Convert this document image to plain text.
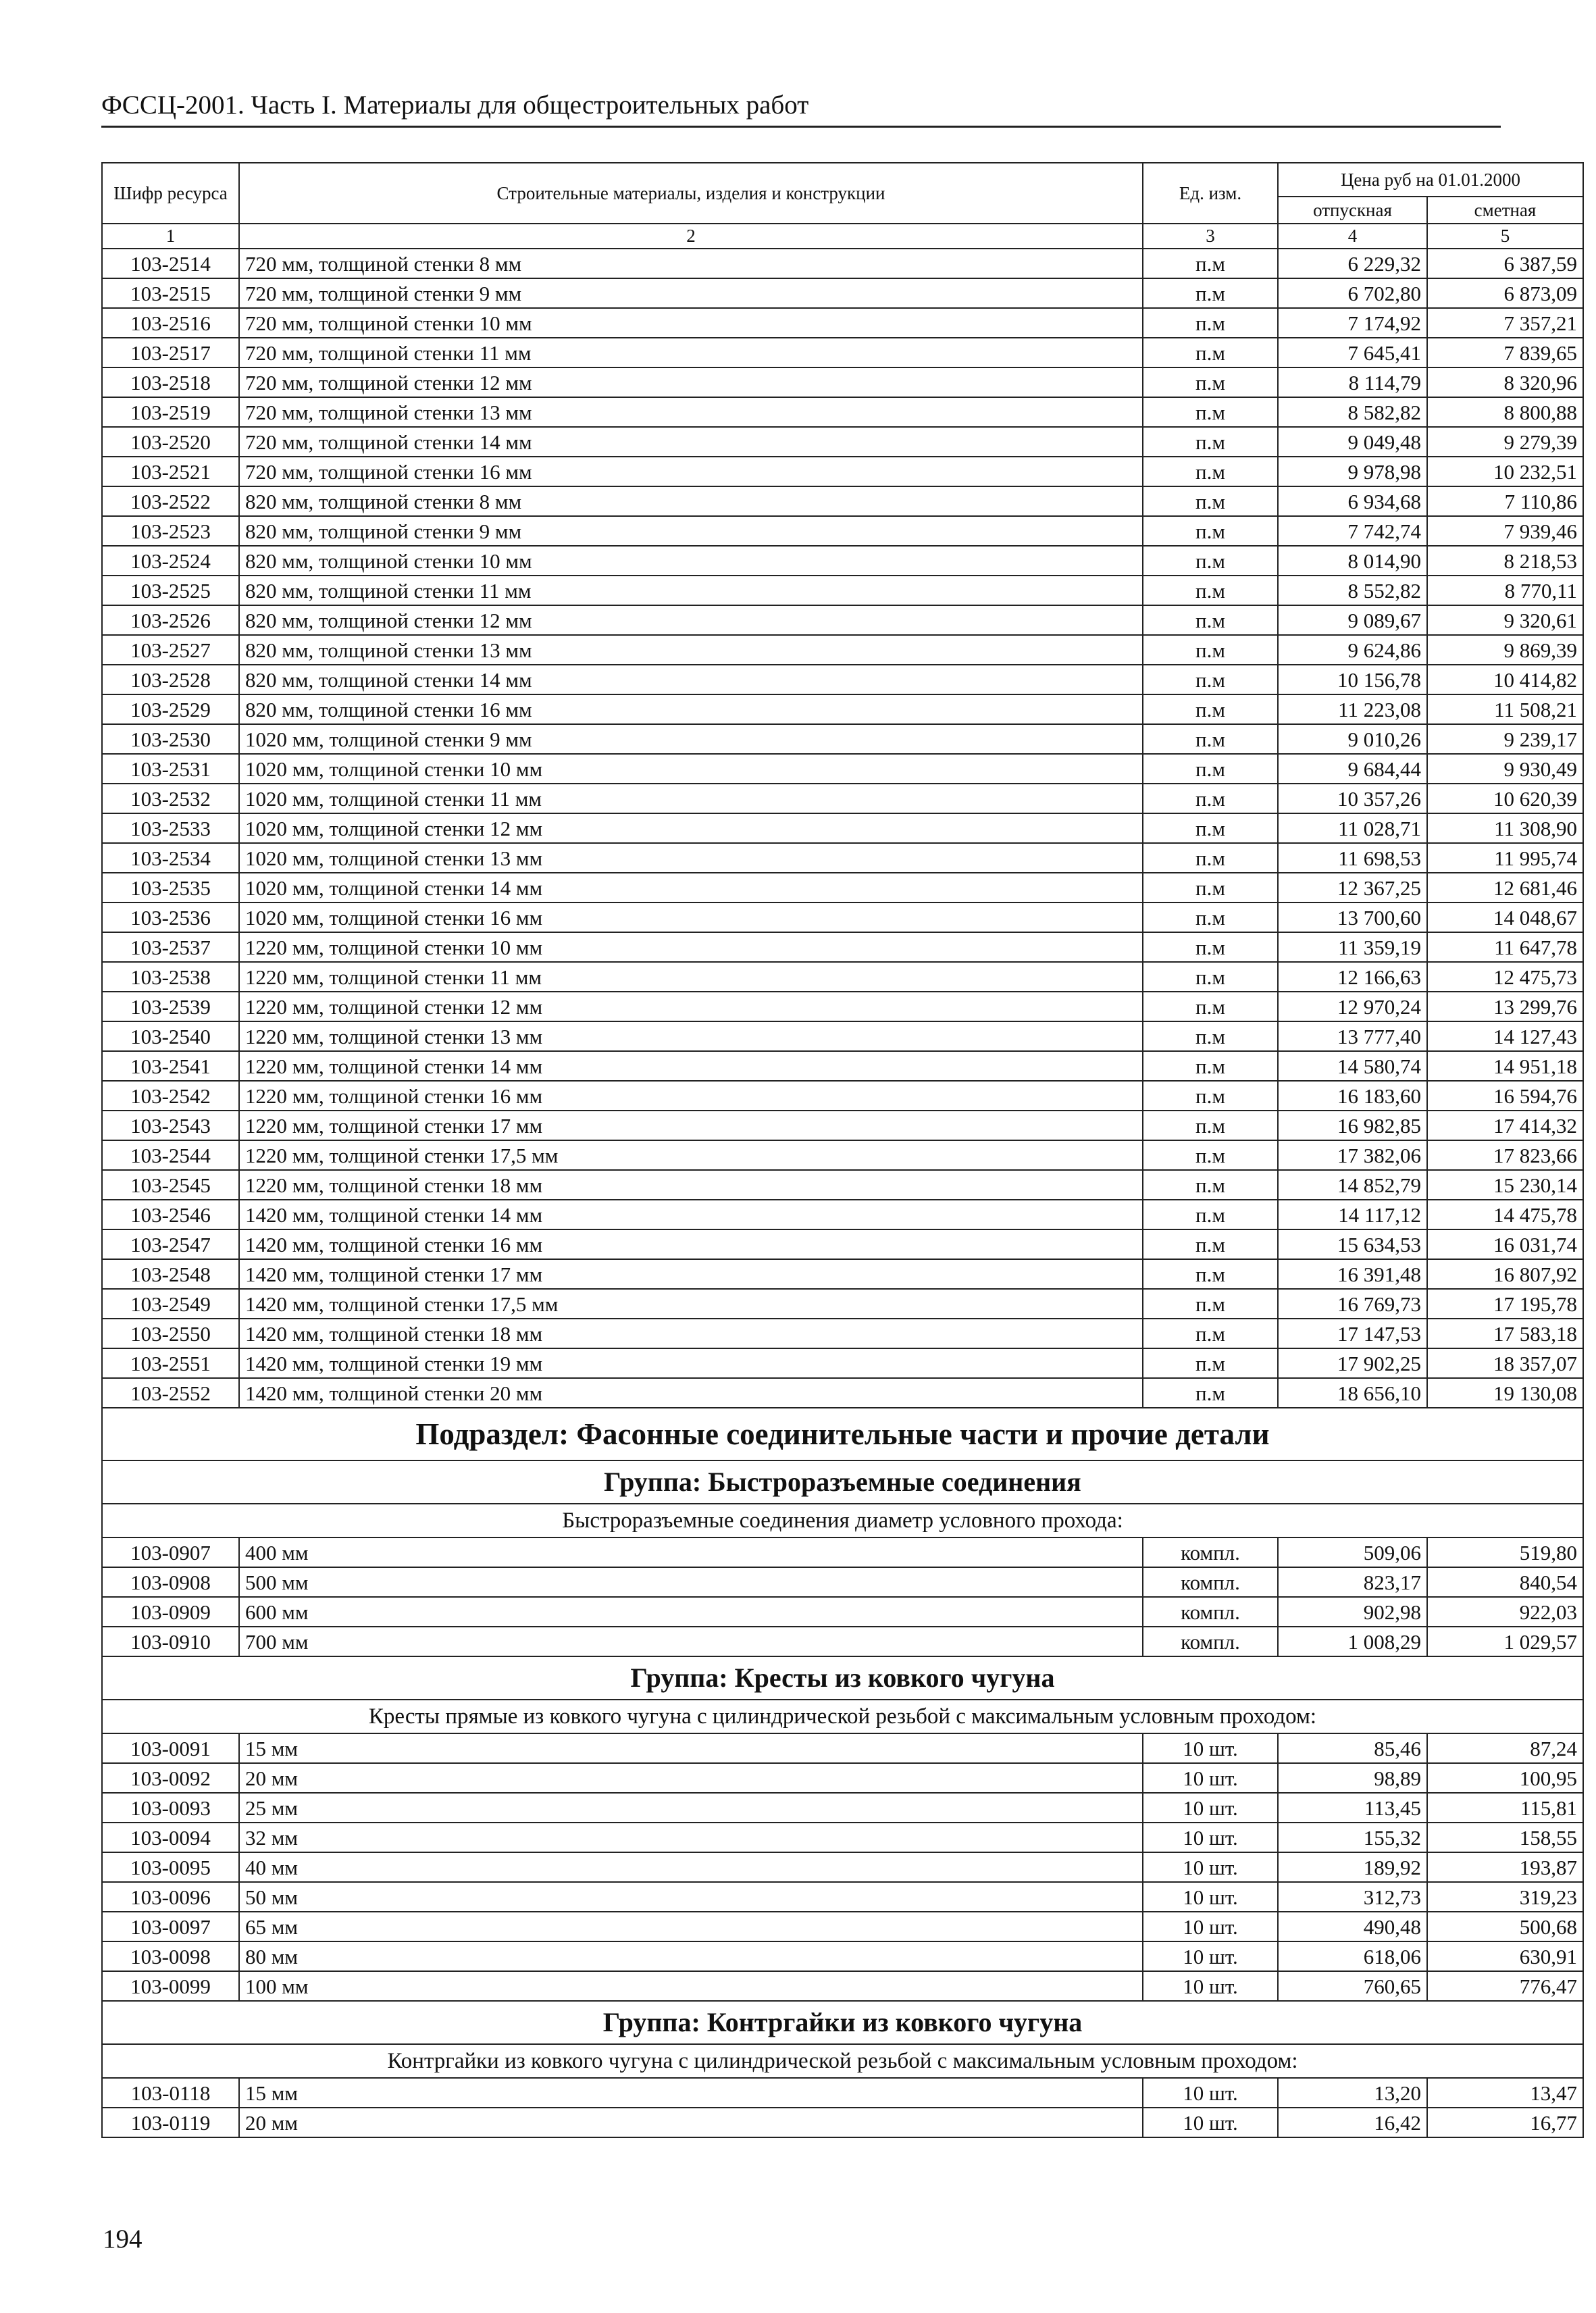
ФССЦ-2001. Часть I. Материалы для общестроительных работ
Шифр ресурса	Строительные материалы, изделия и конструкции	Ед. изм.	Цена руб на 01.01.2000	
			отпускная	сметная
1	2	3	4	5
103-2514	720 мм, толщиной стенки 8 мм	п.м	6 229,32	6 387,59
103-2515	720 мм, толщиной стенки 9 мм	п.м	6 702,80	6 873,09
103-2516	720 мм, толщиной стенки 10 мм	п.м	7 174,92	7 357,21
103-2517	720 мм, толщиной стенки 11 мм	п.м	7 645,41	7 839,65
103-2518	720 мм, толщиной стенки 12 мм	п.м	8 114,79	8 320,96
103-2519	720 мм, толщиной стенки 13 мм	п.м	8 582,82	8 800,88
103-2520	720 мм, толщиной стенки 14 мм	п.м	9 049,48	9 279,39
103-2521	720 мм, толщиной стенки 16 мм	п.м	9 978,98	10 232,51
103-2522	820 мм, толщиной стенки 8 мм	п.м	6 934,68	7 110,86
103-2523	820 мм, толщиной стенки 9 мм	п.м	7 742,74	7 939,46
103-2524	820 мм, толщиной стенки 10 мм	п.м	8 014,90	8 218,53
103-2525	820 мм, толщиной стенки 11 мм	п.м	8 552,82	8 770,11
103-2526	820 мм, толщиной стенки 12 мм	п.м	9 089,67	9 320,61
103-2527	820 мм, толщиной стенки 13 мм	п.м	9 624,86	9 869,39
103-2528	820 мм, толщиной стенки 14 мм	п.м	10 156,78	10 414,82
103-2529	820 мм, толщиной стенки 16 мм	п.м	11 223,08	11 508,21
103-2530	1020 мм, толщиной стенки 9 мм	п.м	9 010,26	9 239,17
103-2531	1020 мм, толщиной стенки 10 мм	п.м	9 684,44	9 930,49
103-2532	1020 мм, толщиной стенки 11 мм	п.м	10 357,26	10 620,39
103-2533	1020 мм, толщиной стенки 12 мм	п.м	11 028,71	11 308,90
103-2534	1020 мм, толщиной стенки 13 мм	п.м	11 698,53	11 995,74
103-2535	1020 мм, толщиной стенки 14 мм	п.м	12 367,25	12 681,46
103-2536	1020 мм, толщиной стенки 16 мм	п.м	13 700,60	14 048,67
103-2537	1220 мм, толщиной стенки 10 мм	п.м	11 359,19	11 647,78
103-2538	1220 мм, толщиной стенки 11 мм	п.м	12 166,63	12 475,73
103-2539	1220 мм, толщиной стенки 12 мм	п.м	12 970,24	13 299,76
103-2540	1220 мм, толщиной стенки 13 мм	п.м	13 777,40	14 127,43
103-2541	1220 мм, толщиной стенки 14 мм	п.м	14 580,74	14 951,18
103-2542	1220 мм, толщиной стенки 16 мм	п.м	16 183,60	16 594,76
103-2543	1220 мм, толщиной стенки 17 мм	п.м	16 982,85	17 414,32
103-2544	1220 мм, толщиной стенки 17,5 мм	п.м	17 382,06	17 823,66
103-2545	1220 мм, толщиной стенки 18 мм	п.м	14 852,79	15 230,14
103-2546	1420 мм, толщиной стенки 14 мм	п.м	14 117,12	14 475,78
103-2547	1420 мм, толщиной стенки 16 мм	п.м	15 634,53	16 031,74
103-2548	1420 мм, толщиной стенки 17 мм	п.м	16 391,48	16 807,92
103-2549	1420 мм, толщиной стенки 17,5 мм	п.м	16 769,73	17 195,78
103-2550	1420 мм, толщиной стенки 18 мм	п.м	17 147,53	17 583,18
103-2551	1420 мм, толщиной стенки 19 мм	п.м	17 902,25	18 357,07
103-2552	1420 мм, толщиной стенки 20 мм	п.м	18 656,10	19 130,08
Подраздел: Фасонные соединительные части и прочие детали				
Группа: Быстроразъемные соединения				
Быстроразъемные соединения диаметр условного прохода:				
103-0907	400 мм	компл.	509,06	519,80
103-0908	500 мм	компл.	823,17	840,54
103-0909	600 мм	компл.	902,98	922,03
103-0910	700 мм	компл.	1 008,29	1 029,57
Группа: Кресты из ковкого чугуна				
Кресты прямые из ковкого чугуна с цилиндрической резьбой с максимальным условным проходом:				
103-0091	15 мм	10 шт.	85,46	87,24
103-0092	20 мм	10 шт.	98,89	100,95
103-0093	25 мм	10 шт.	113,45	115,81
103-0094	32 мм	10 шт.	155,32	158,55
103-0095	40 мм	10 шт.	189,92	193,87
103-0096	50 мм	10 шт.	312,73	319,23
103-0097	65 мм	10 шт.	490,48	500,68
103-0098	80 мм	10 шт.	618,06	630,91
103-0099	100 мм	10 шт.	760,65	776,47
Группа: Контргайки из ковкого чугуна				
Контргайки из ковкого чугуна с цилиндрической резьбой с максимальным условным проходом:				
103-0118	15 мм	10 шт.	13,20	13,47
103-0119	20 мм	10 шт.	16,42	16,77
194
